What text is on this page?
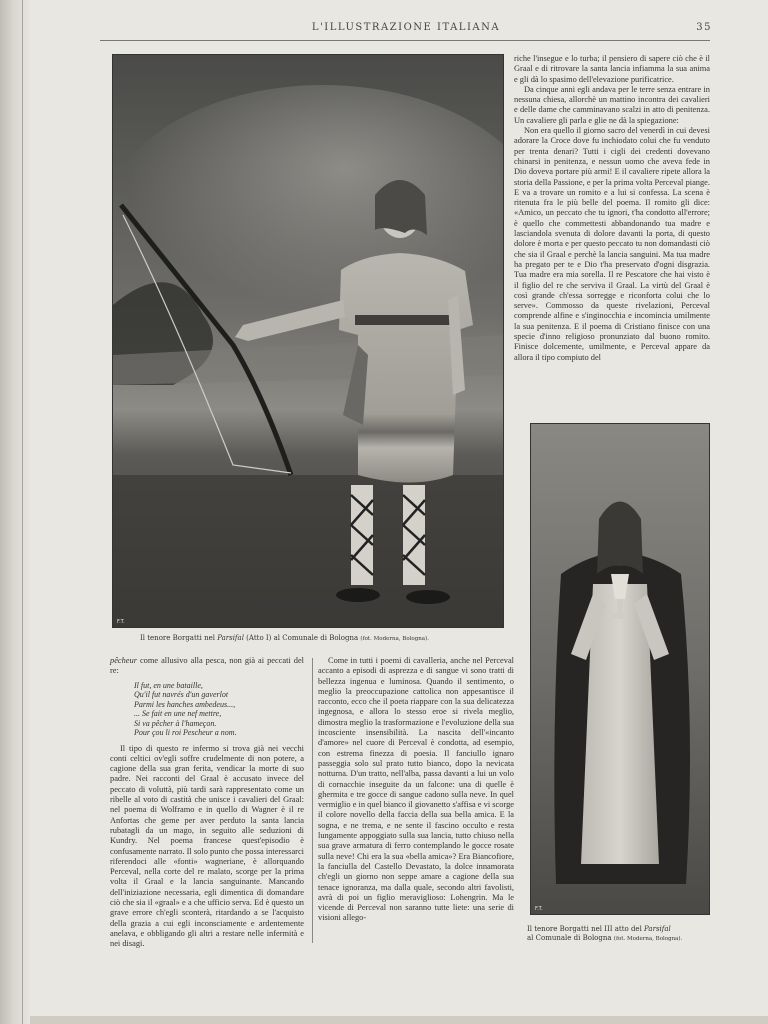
L'ILLUSTRAZIONE ITALIANA	35
F.T.
Il tenore Borgatti nel Parsifal (Atto I) al Comunale di Bologna (fot. Moderna, Bologna).
F.T.
Il tenore Borgatti nel III atto del Parsifal
al Comunale di Bologna (fot. Moderna, Bologna).

riche l'insegue e lo turba; il pensiero di sapere ciò che è il Graal e di ritrovare la santa lancia infiamma la sua anima e gli dà lo spasimo dell'elevazione purificatrice.

Da cinque anni egli andava per le terre senza entrare in nessuna chiesa, allorchè un mattino incontra dei cavalieri e delle dame che camminavano scalzi in atto di penitenza. Un cavaliere gli parla e glie ne dà la spiegazione:

Non era quello il giorno sacro del venerdì in cui devesi adorare la Croce dove fu inchiodato colui che fu venduto per trenta denari? Tutti i cigli dei credenti dovevano chinarsi in penitenza, e nessun uomo che aveva fede in Dio doveva portare più armi! E il cavaliere ripete allora la storia della Passione, e per la prima volta Perceval piange. E va a trovare un romito e a lui si confessa. La scena è ritenuta fra le più belle del poema. Il romito gli dice: «Amico, un peccato che tu ignori, t'ha condotto all'errore; è quello che commettesti abbandonando tua madre e lasciandola svenuta di dolore davanti la porta, di questo dolore è morta e per questo peccato tu non domandasti ciò che sia il Graal e perchè la lancia sanguini. Ma tua madre ha pregato per te e Dio t'ha preservato d'ogni disgrazia. Tua madre era mia sorella. Il re Pescatore che hai visto è il figlio del re che serviva il Graal. La virtù del Graal è così grande ch'essa sorregge e riconforta colui che lo serve». Commosso da queste rivelazioni, Perceval comprende alfine e s'inginocchia e incomincia umilmente la sua penitenza. E il poema di Cristiano finisce con una specie d'inno religioso pronunziato dal buono romito. Finisce dolcemente, umilmente, e Perceval appare da allora il tipo compiuto del

pêcheur come allusivo alla pesca, non già ai peccati del re:

Il fut, en une bataille,
Qu'il fut navrés d'un gaverlot
Parmi les hanches ambedeus...,
... Se fait en une nef mettre,
Si va pêcher à l'hameçon.
Pour çou li roi Pescheur a nom.

Il tipo di questo re infermo si trova già nei vecchi conti celtici ov'egli soffre crudelmente di non potere, a cagione della sua gran ferita, vendicar la morte di suo padre. Nei racconti del Graal è accusato invece del peccato di voluttà, più tardi sarà rappresentato come un ribelle al voto di castità che unisce i cavalieri del Graal: nel poema di Wolframo e in quello di Wagner è il re Anfortas che geme per aver perduto la santa lancia rubatagli da un mago, in seguito alle seduzioni di Kundry. Nel poema francese quest'episodio è confusamente narrato. Il solo punto che possa interessarci riferendoci alle «fonti» wagneriane, è allorquando Perceval, nella corte del re malato, scorge per la prima volta il Graal e la lancia sanguinante. Mancando dell'iniziazione necessaria, egli dimentica di domandare ciò che sia il «graal» e a che ufficio serva. Ed è questo un grave errore ch'egli sconterà, ritardando a se l'acquisto della grazia a cui egli inconsciamente e ardentemente anelava, e obbligando gli altri a restare nelle infermità e nei disagi.

Come in tutti i poemi di cavalleria, anche nel Perceval accanto a episodi di asprezza e di sangue vi sono tratti di bellezza ingenua e luminosa. Quando il sentimento, o meglio la preoccupazione cattolica non appesantisce il racconto, ecco che il poeta riappare con la sua delicatezza ingegnosa, e allora lo stesso eroe si rivela meglio, dimostra meglio la trasformazione e l'evoluzione della sua incosciente insensibilità. La nascita dell'«incanto d'amore» nel cuore di Perceval è condotta, ad esempio, con estrema finezza di poesia. Il fanciullo ignaro passeggia solo sul prato tutto bianco, dopo la nevicata notturna. D'un tratto, nell'alba, passa davanti a lui un volo di cornacchie inseguite da un falcone: una di quelle è ghermita e tre gocce di sangue cadono sulla neve. In quel vermiglio e in quel bianco il giovanetto s'affisa e vi scorge il colore novello della faccia della sua bella amica. E la sogna, e ne trema, e ne sente il fascino occulto e resta lungamente appoggiato sulla sua lancia, tutto chiuso nella sua grave armatura di ferro contemplando le gocce rosate sulla neve! Chi era la sua «bella amica»? Era Biancofiore, la fanciulla del Castello Devastato, la dolce innamorata ch'egli un giorno non seppe amare a cagione della sua tenace ignoranza, ma dalla quale, secondo altri favolisti, avrà di poi un figlio meraviglioso: Lohengrin. Ma le vicende di Perceval non saranno tutte liete: una serie di visioni allego-
